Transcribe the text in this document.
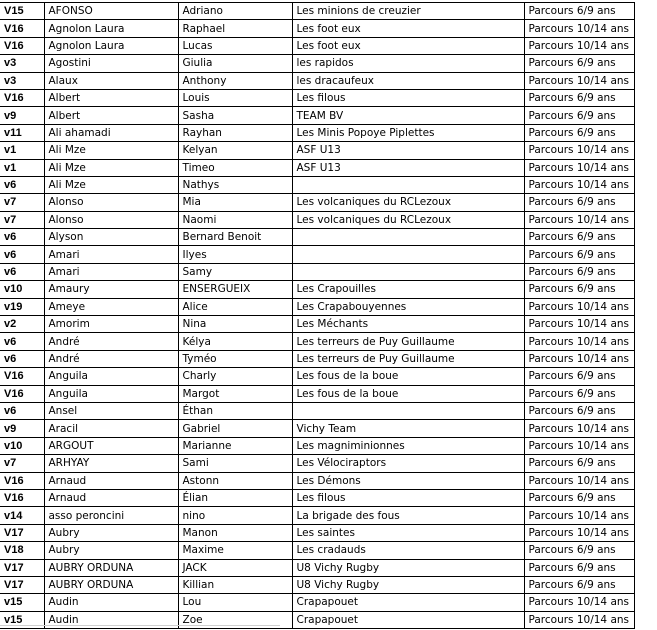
V15	AFONSO	Adriano	Les minions de creuzier	Parcours 6/9 ans
V16	Agnolon Laura	Raphael	Les foot eux	Parcours 10/14 ans
V16	Agnolon Laura	Lucas	Les foot eux	Parcours 10/14 ans
v3	Agostini	Giulia	les rapidos	Parcours 6/9 ans
v3	Alaux	Anthony	les dracaufeux	Parcours 10/14 ans
V16	Albert	Louis	Les filous	Parcours 6/9 ans
v9	Albert	Sasha	TEAM BV	Parcours 6/9 ans
v11	Ali ahamadi	Rayhan	Les Minis Popoye Piplettes	Parcours 6/9 ans
v1	Ali Mze	Kelyan	ASF U13	Parcours 10/14 ans
v1	Ali Mze	Timeo	ASF U13	Parcours 10/14 ans
v6	Ali Mze	Nathys		Parcours 10/14 ans
v7	Alonso	Mia	Les volcaniques du RCLezoux	Parcours 6/9 ans
v7	Alonso	Naomi	Les volcaniques du RCLezoux	Parcours 10/14 ans
v6	Alyson	Bernard Benoit		Parcours 6/9 ans
v6	Amari	Ilyes		Parcours 6/9 ans
v6	Amari	Samy		Parcours 6/9 ans
v10	Amaury	ENSERGUEIX	Les Crapouilles	Parcours 6/9 ans
v19	Ameye	Alice	Les Crapabouyennes	Parcours 10/14 ans
v2	Amorim	Nina	Les Méchants	Parcours 10/14 ans
v6	André	Kélya	Les terreurs de Puy Guillaume	Parcours 10/14 ans
v6	André	Tyméo	Les terreurs de Puy Guillaume	Parcours 10/14 ans
V16	Anguila	Charly	Les fous de la boue	Parcours 6/9 ans
V16	Anguila	Margot	Les fous de la boue	Parcours 6/9 ans
v6	Ansel	Éthan		Parcours 6/9 ans
v9	Aracil	Gabriel	Vichy Team	Parcours 10/14 ans
v10	ARGOUT	Marianne	Les magniminionnes	Parcours 10/14 ans
v7	ARHYAY	Sami	Les Vélociraptors	Parcours 6/9 ans
V16	Arnaud	Astonn	Les Démons	Parcours 10/14 ans
V16	Arnaud	Élian	Les filous	Parcours 6/9 ans
v14	asso peroncini	nino	La brigade des fous	Parcours 10/14 ans
V17	Aubry	Manon	Les saintes	Parcours 10/14 ans
V18	Aubry	Maxime	Les cradauds	Parcours 6/9 ans
V17	AUBRY ORDUNA	JACK	U8 Vichy Rugby	Parcours 6/9 ans
V17	AUBRY ORDUNA	Killian	U8 Vichy Rugby	Parcours 6/9 ans
v15	Audin	Lou	Crapapouet	Parcours 10/14 ans
v15	Audin	Zoe	Crapapouet	Parcours 10/14 ans
